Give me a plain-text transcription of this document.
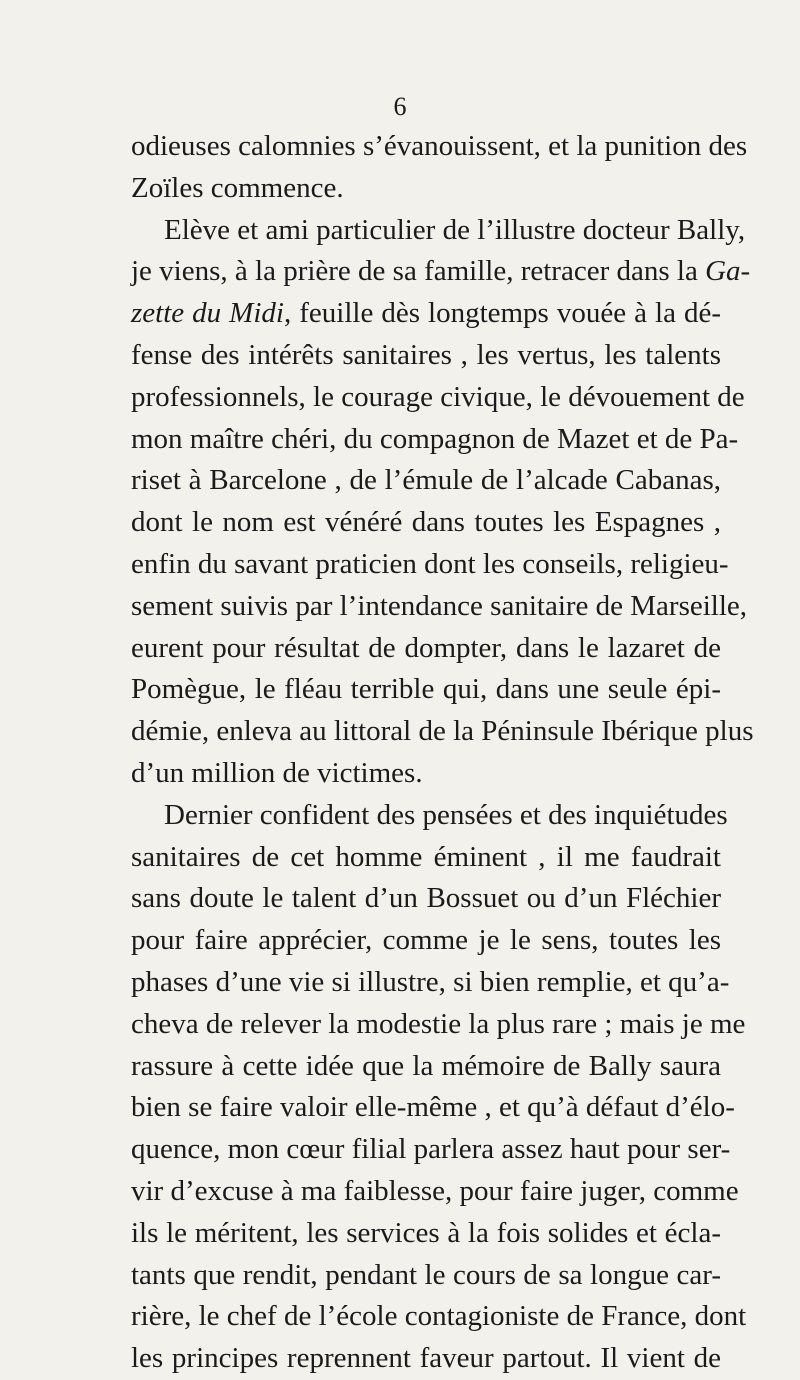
6
odieuses calomnies s’évanouissent, et la punition des
Zoïles commence.
Elève et ami particulier de l’illustre docteur Bally,
je viens, à la prière de sa famille, retracer dans la Ga-
zette du Midi, feuille dès longtemps vouée à la dé-
fense des intérêts sanitaires , les vertus, les talents
professionnels, le courage civique, le dévouement de
mon maître chéri, du compagnon de Mazet et de Pa-
riset à Barcelone , de l’émule de l’alcade Cabanas,
dont le nom est vénéré dans toutes les Espagnes ,
enfin du savant praticien dont les conseils, religieu-
sement suivis par l’intendance sanitaire de Marseille,
eurent pour résultat de dompter, dans le lazaret de
Pomègue, le fléau terrible qui, dans une seule épi-
démie, enleva au littoral de la Péninsule Ibérique plus
d’un million de victimes.
Dernier confident des pensées et des inquiétudes
sanitaires de cet homme éminent , il me faudrait
sans doute le talent d’un Bossuet ou d’un Fléchier
pour faire apprécier, comme je le sens, toutes les
phases d’une vie si illustre, si bien remplie, et qu’a-
cheva de relever la modestie la plus rare ; mais je me
rassure à cette idée que la mémoire de Bally saura
bien se faire valoir elle-même , et qu’à défaut d’élo-
quence, mon cœur filial parlera assez haut pour ser-
vir d’excuse à ma faiblesse, pour faire juger, comme
ils le méritent, les services à la fois solides et écla-
tants que rendit, pendant le cours de sa longue car-
rière, le chef de l’école contagioniste de France, dont
les principes reprennent faveur partout. Il vient de
